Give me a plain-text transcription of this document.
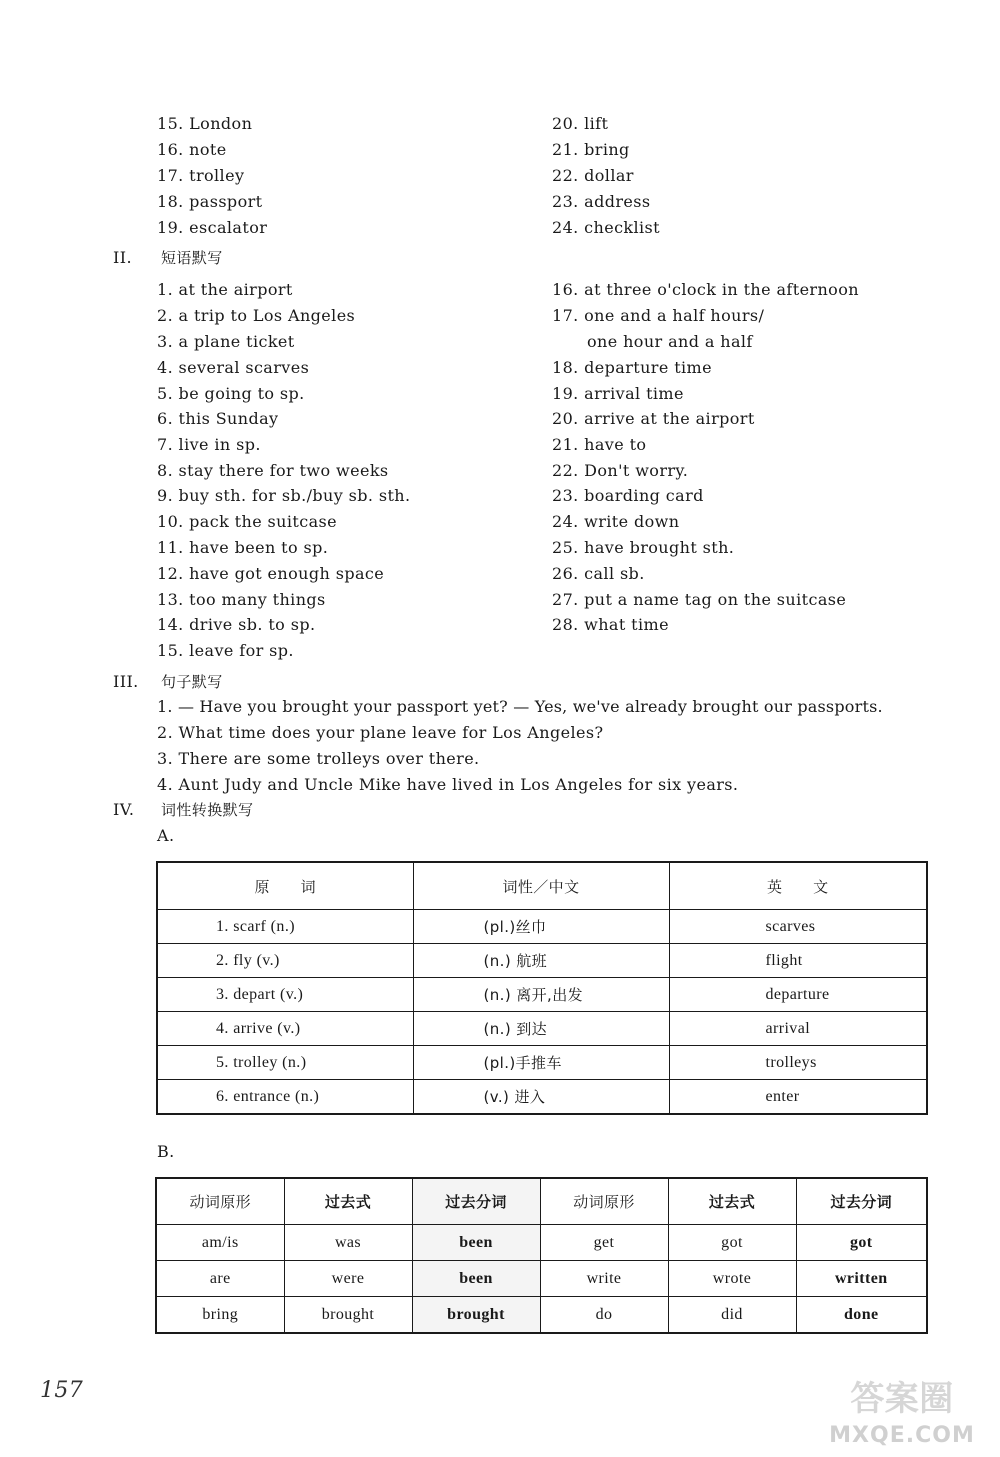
15. London
16. note
17. trolley
18. passport
19. escalator
20. lift
21. bring
22. dollar
23. address
24. checklist
II. 短语默写
1. at the airport
2. a trip to Los Angeles
3. a plane ticket
4. several scarves
5. be going to sp.
6. this Sunday
7. live in sp.
8. stay there for two weeks
9. buy sth. for sb./buy sb. sth.
10. pack the suitcase
11. have been to sp.
12. have got enough space
13. too many things
14. drive sb. to sp.
15. leave for sp.
16. at three o'clock in the afternoon
17. one and a half hours/
one hour and a half
18. departure time
19. arrival time
20. arrive at the airport
21. have to
22. Don't worry.
23. boarding card
24. write down
25. have brought sth.
26. call sb.
27. put a name tag on the suitcase
28. what time
III. 句子默写
1. — Have you brought your passport yet? — Yes, we've already brought our passports.
2. What time does your plane leave for Los Angeles?
3. There are some trolleys over there.
4. Aunt Judy and Uncle Mike have lived in Los Angeles for six years.
IV. 词性转换默写
A.
原　　词	词性／中文	英　　文
1. scarf (n.)	(pl.)丝巾	scarves
2. fly (v.)	(n.) 航班	flight
3. depart (v.)	(n.) 离开,出发	departure
4. arrive (v.)	(n.) 到达	arrival
5. trolley (n.)	(pl.)手推车	trolleys
6. entrance (n.)	(v.) 进入	enter
B.
动词原形	过去式	过去分词	动词原形	过去式	过去分词
am/is	was	been	get	got	got
are	were	been	write	wrote	written
bring	brought	brought	do	did	done
157	答案圈
MXQE.COM
